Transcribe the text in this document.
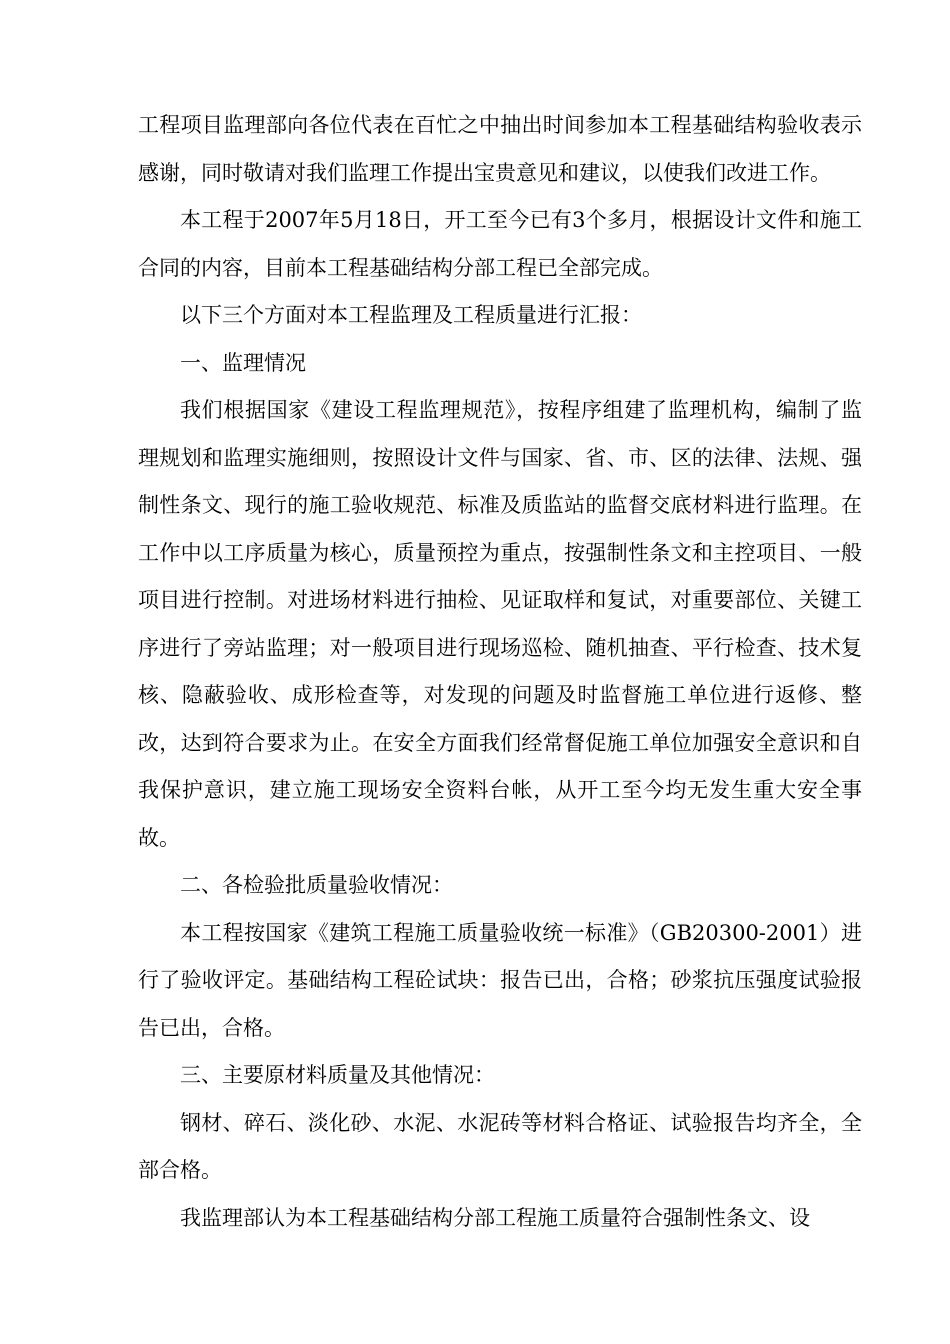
工程项目监理部向各位代表在百忙之中抽出时间参加本工程基础结构验收表示感谢，同时敬请对我们监理工作提出宝贵意见和建议，以使我们改进工作。

本工程于2007年5月18日，开工至今已有3个多月，根据设计文件和施工合同的内容，目前本工程基础结构分部工程已全部完成。

以下三个方面对本工程监理及工程质量进行汇报：

一、监理情况

我们根据国家《建设工程监理规范》，按程序组建了监理机构，编制了监理规划和监理实施细则，按照设计文件与国家、省、市、区的法律、法规、强制性条文、现行的施工验收规范、标准及质监站的监督交底材料进行监理。在工作中以工序质量为核心，质量预控为重点，按强制性条文和主控项目、一般项目进行控制。对进场材料进行抽检、见证取样和复试，对重要部位、关键工序进行了旁站监理；对一般项目进行现场巡检、随机抽查、平行检查、技术复核、隐蔽验收、成形检查等，对发现的问题及时监督施工单位进行返修、整改，达到符合要求为止。在安全方面我们经常督促施工单位加强安全意识和自我保护意识，建立施工现场安全资料台帐，从开工至今均无发生重大安全事故。

二、各检验批质量验收情况：

本工程按国家《建筑工程施工质量验收统一标准》（GB20300-2001）进行了验收评定。基础结构工程砼试块：报告已出，合格；砂浆抗压强度试验报告已出，合格。

三、主要原材料质量及其他情况：

钢材、碎石、淡化砂、水泥、水泥砖等材料合格证、试验报告均齐全，全部合格。

我监理部认为本工程基础结构分部工程施工质量符合强制性条文、设
